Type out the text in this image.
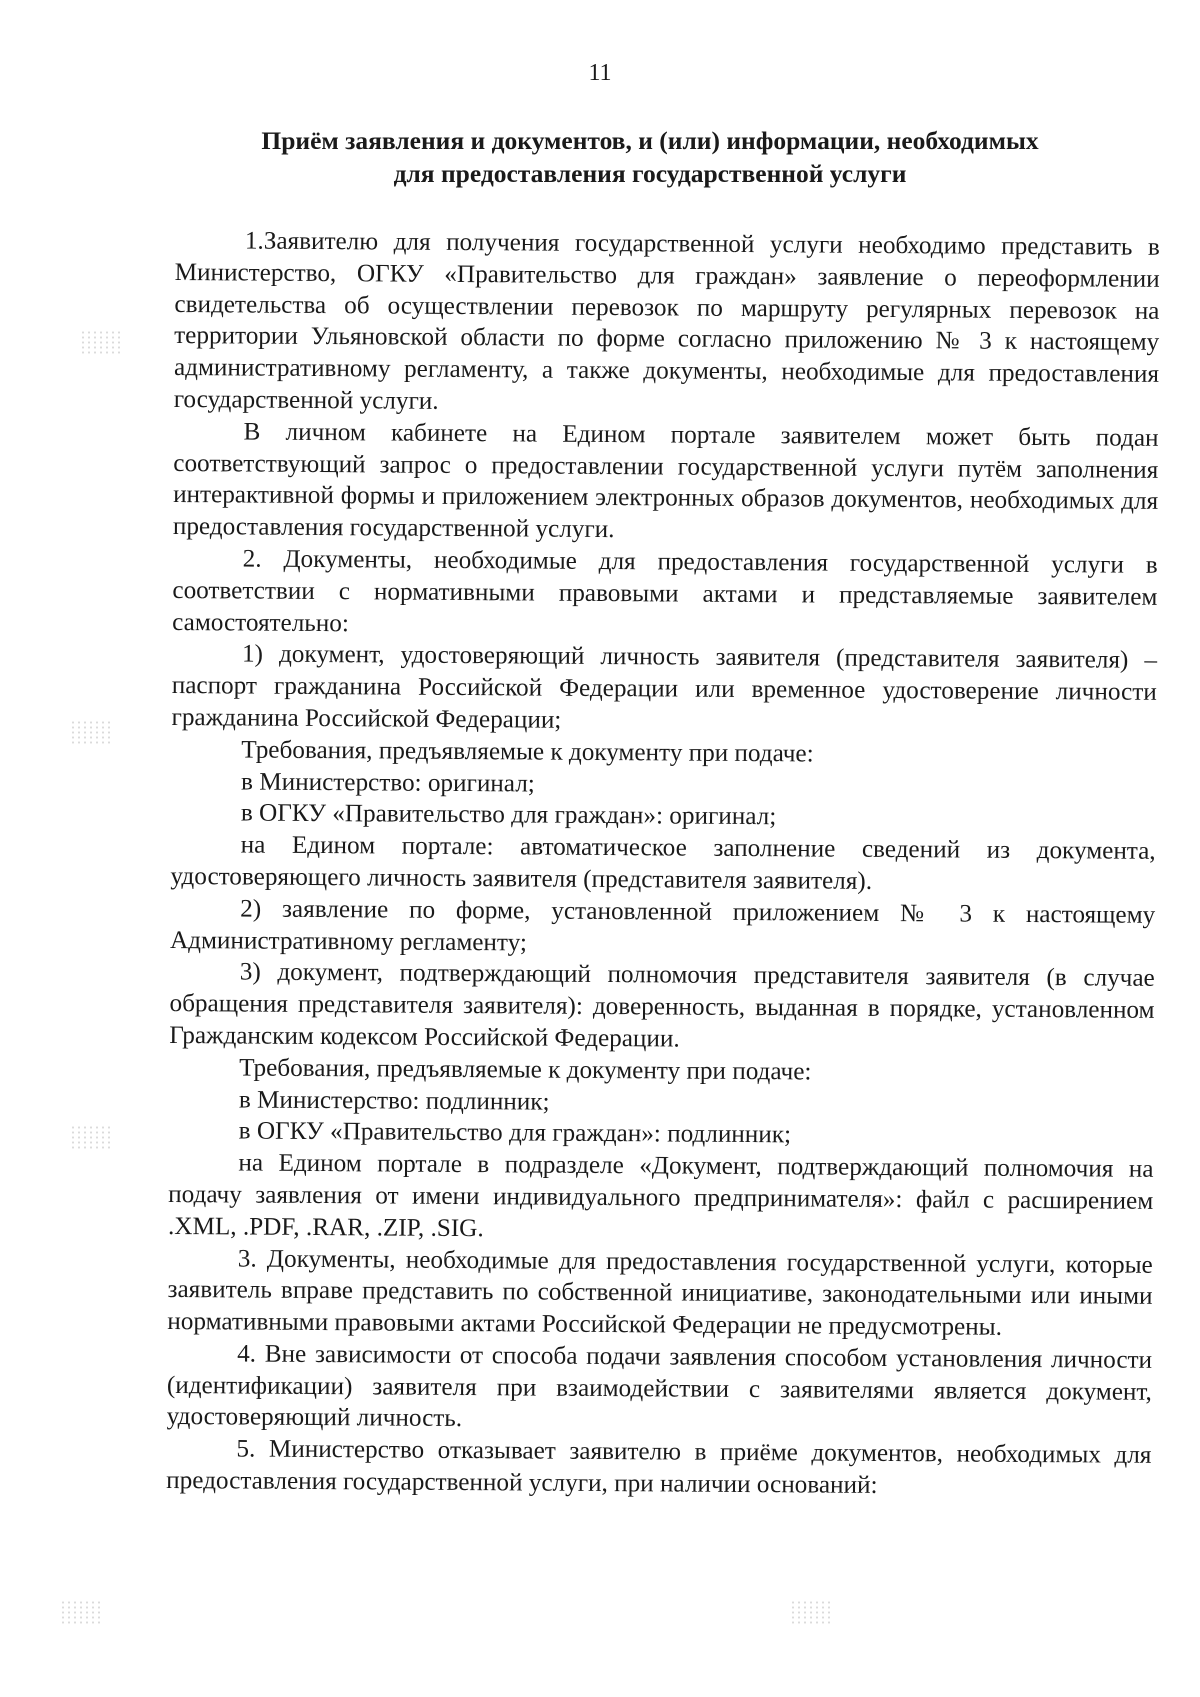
11
Приём заявления и документов, и (или) информации, необходимых
для предоставления государственной услуги

1.Заявителю для получения государственной услуги необходимо представить в Министерство, ОГКУ «Правительство для граждан» заявление о переоформлении свидетельства об осуществлении перевозок по маршруту регулярных перевозок на территории Ульяновской области по форме согласно приложению № 3 к настоящему административному регламенту, а также документы, необходимые для предоставления государственной услуги.

В личном кабинете на Едином портале заявителем может быть подан соответствующий запрос о предоставлении государственной услуги путём заполнения интерактивной формы и приложением электронных образов документов, необходимых для предоставления государственной услуги.

2. Документы, необходимые для предоставления государственной услуги в соответствии с нормативными правовыми актами и представляемые заявителем самостоятельно:

1) документ, удостоверяющий личность заявителя (представителя заявителя) – паспорт гражданина Российской Федерации или временное удостоверение личности гражданина Российской Федерации;

Требования, предъявляемые к документу при подаче:

в Министерство: оригинал;

в ОГКУ «Правительство для граждан»: оригинал;

на Едином портале: автоматическое заполнение сведений из документа, удостоверяющего личность заявителя (представителя заявителя).

2) заявление по форме, установленной приложением № 3 к настоящему Административному регламенту;

3) документ, подтверждающий полномочия представителя заявителя (в случае обращения представителя заявителя): доверенность, выданная в порядке, установленном Гражданским кодексом Российской Федерации.

Требования, предъявляемые к документу при подаче:

в Министерство: подлинник;

в ОГКУ «Правительство для граждан»: подлинник;

на Едином портале в подразделе «Документ, подтверждающий полномочия на подачу заявления от имени индивидуального предпринимателя»: файл с расширением .XML, .PDF, .RAR, .ZIP, .SIG.

3. Документы, необходимые для предоставления государственной услуги, которые заявитель вправе представить по собственной инициативе, законодательными или иными нормативными правовыми актами Российской Федерации не предусмотрены.

4. Вне зависимости от способа подачи заявления способом установления личности (идентификации) заявителя при взаимодействии с заявителями является документ, удостоверяющий личность.

5. Министерство отказывает заявителю в приёме документов, необходимых для предоставления государственной услуги, при наличии оснований:
